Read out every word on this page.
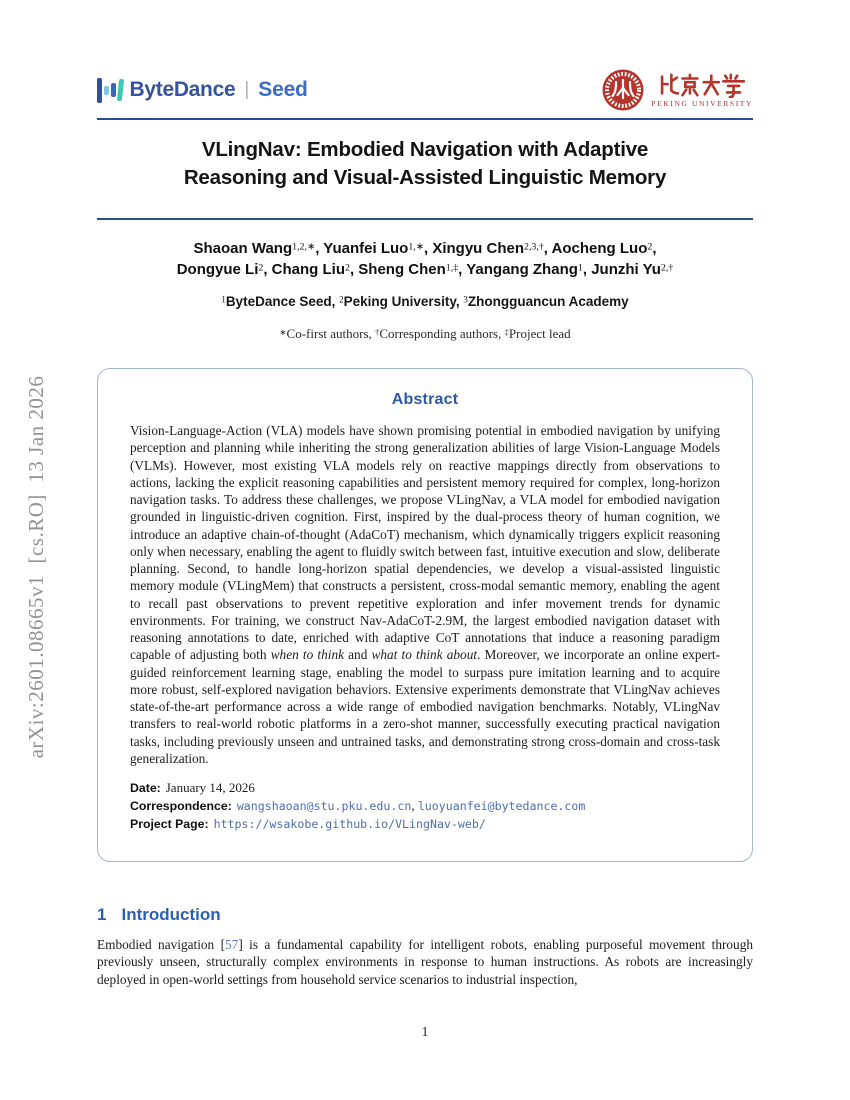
arXiv:2601.08665v1  [cs.RO]  13 Jan 2026
ByteDance | Seed
PEKING UNIVERSITY
VLingNav: Embodied Navigation with Adaptive
Reasoning and Visual-Assisted Linguistic Memory
Shaoan Wang$^{1,2,∗}$, Yuanfei Luo$^{1,∗}$, Xingyu Chen$^{2,3,\dagger}$, Aocheng Luo$^2$,
Dongyue Li$^2$, Chang Liu$^2$, Sheng Chen$^{1,\ddagger}$, Yangang Zhang$^1$, Junzhi $Yu^{2,\dagger}$
$^1$ByteDance Seed, $^2$Peking University, $^3$Zhongguancun Academy
∗Co-first authors, †Corresponding authors, ‡Project lead
Abstract

Vision-Language-Action (VLA) models have shown promising potential in embodied navigation by unifying perception and planning while inheriting the strong generalization abilities of large Vision-Language Models (VLMs). However, most existing VLA models rely on reactive mappings directly from observations to actions, lacking the explicit reasoning capabilities and persistent memory required for complex, long-horizon navigation tasks. To address these challenges, we propose VLingNav, a VLA model for embodied navigation grounded in linguistic-driven cognition. First, inspired by the dual-process theory of human cognition, we introduce an adaptive chain-of-thought (AdaCoT) mechanism, which dynamically triggers explicit reasoning only when necessary, enabling the agent to fluidly switch between fast, intuitive execution and slow, deliberate planning. Second, to handle long-horizon spatial dependencies, we develop a visual-assisted linguistic memory module (VLingMem) that constructs a persistent, cross-modal semantic memory, enabling the agent to recall past observations to prevent repetitive exploration and infer movement trends for dynamic environments. For training, we construct Nav-AdaCoT-2.9M, the largest embodied navigation dataset with reasoning annotations to date, enriched with adaptive CoT annotations that induce a reasoning paradigm capable of adjusting both when to think and what to think about. Moreover, we incorporate an online expert-guided reinforcement learning stage, enabling the model to surpass pure imitation learning and to acquire more robust, self-explored navigation behaviors. Extensive experiments demonstrate that VLingNav achieves state-of-the-art performance across a wide range of embodied navigation benchmarks. Notably, VLingNav transfers to real-world robotic platforms in a zero-shot manner, successfully executing practical navigation tasks, including previously unseen and untrained tasks, and demonstrating strong cross-domain and cross-task generalization.

Date: January 14, 2026
Correspondence: wangshaoan@stu.pku.edu.cn, luoyuanfei@bytedance.com
Project Page: https://wsakobe.github.io/VLingNav-web/
1 Introduction

Embodied navigation [57] is a fundamental capability for intelligent robots, enabling purposeful movement through previously unseen, structurally complex environments in response to human instructions. As robots are increasingly deployed in open-world settings from household service scenarios to industrial inspection,

1
